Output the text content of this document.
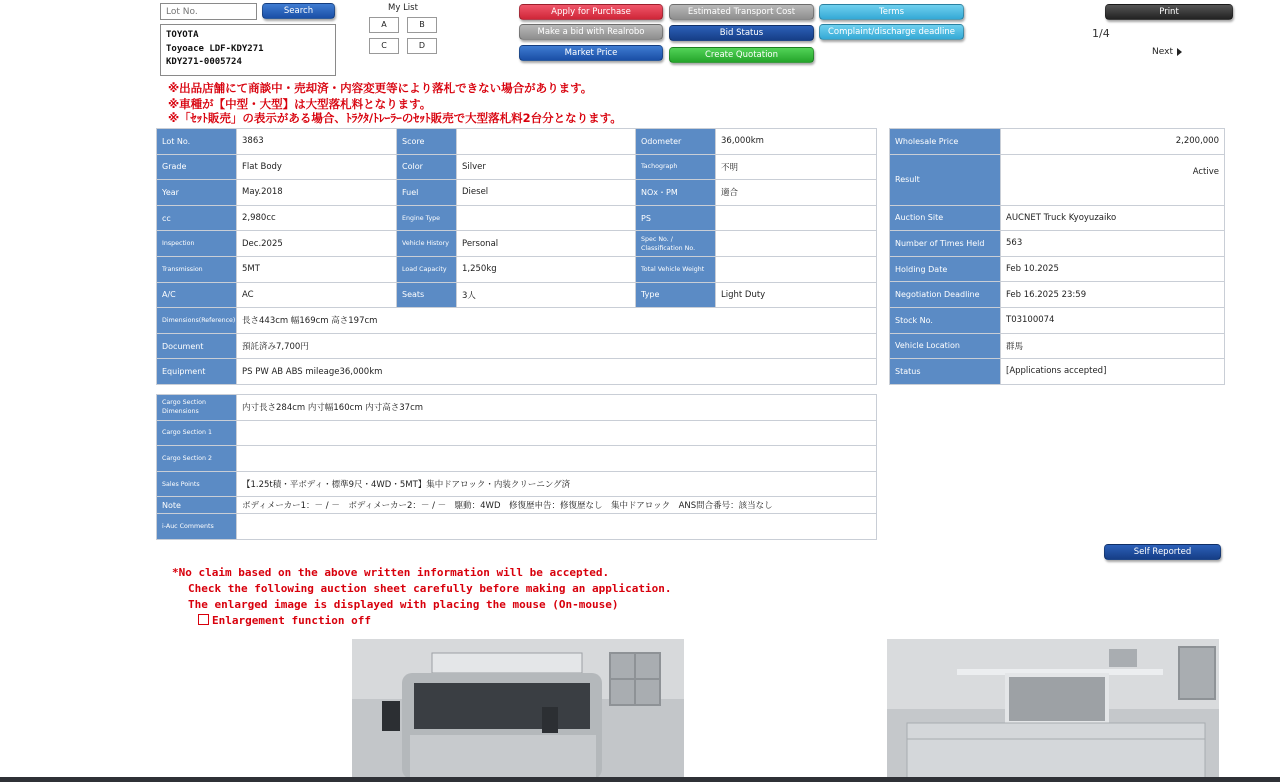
Lot No.
Search
TOYOTA
Toyoace LDF-KDY271
KDY271-0005724
My List
A	B
C	D
Apply for Purchase	Estimated Transport Cost	Terms
Make a bid with Realrobo	Bid Status	Complaint/discharge deadline
Market Price	Create Quotation
Print
1/4
Next
※出品店舗にて商談中・売却済・内容変更等により落札できない場合があります。
※車種が【中型・大型】は大型落札料となります。
※「ｾｯﾄ販売」の表示がある場合、ﾄﾗｸﾀ/ﾄﾚｰﾗｰのｾｯﾄ販売で大型落札料2台分となります。
Lot No.	3863	Score		Odometer	36,000km
Grade	Flat Body	Color	Silver	Tachograph	不明
Year	May.2018	Fuel	Diesel	NOx・PM	適合
cc	2,980cc	Engine Type		PS	
Inspection	Dec.2025	Vehicle History	Personal	Spec No. / Classification No.	
Transmission	5MT	Load Capacity	1,250kg	Total Vehicle Weight	
A/C	AC	Seats	3人	Type	Light Duty
Dimensions(Reference)	長さ443cm 幅169cm 高さ197cm				
Document	預託済み7,700円				
Equipment	PS PW AB ABS mileage36,000km				
Wholesale Price	2,200,000
Result	Active
Auction Site	AUCNET Truck Kyoyuzaiko
Number of Times Held	563
Holding Date	Feb 10.2025
Negotiation Deadline	Feb 16.2025 23:59
Stock No.	T03100074
Vehicle Location	群馬
Status	[Applications accepted]
Cargo Section Dimensions	内寸長さ284cm 内寸幅160cm 内寸高さ37cm
Cargo Section 1	
Cargo Section 2	
Sales Points	【1.25t積・平ボディ・標準9尺・4WD・5MT】集中ドアロック・内装クリーニング済
Note	ボディメーカー1：－ / －　ボディメーカー2：－ / －　駆動：4WD　修復歴申告：修復歴なし　集中ドアロック　ANS問合番号：該当なし
i-Auc Comments	
Self Reported
*No claim based on the above written information will be accepted.
Check the following auction sheet carefully before making an application.
The enlarged image is displayed with placing the mouse (On-mouse)
Enlargement function off
